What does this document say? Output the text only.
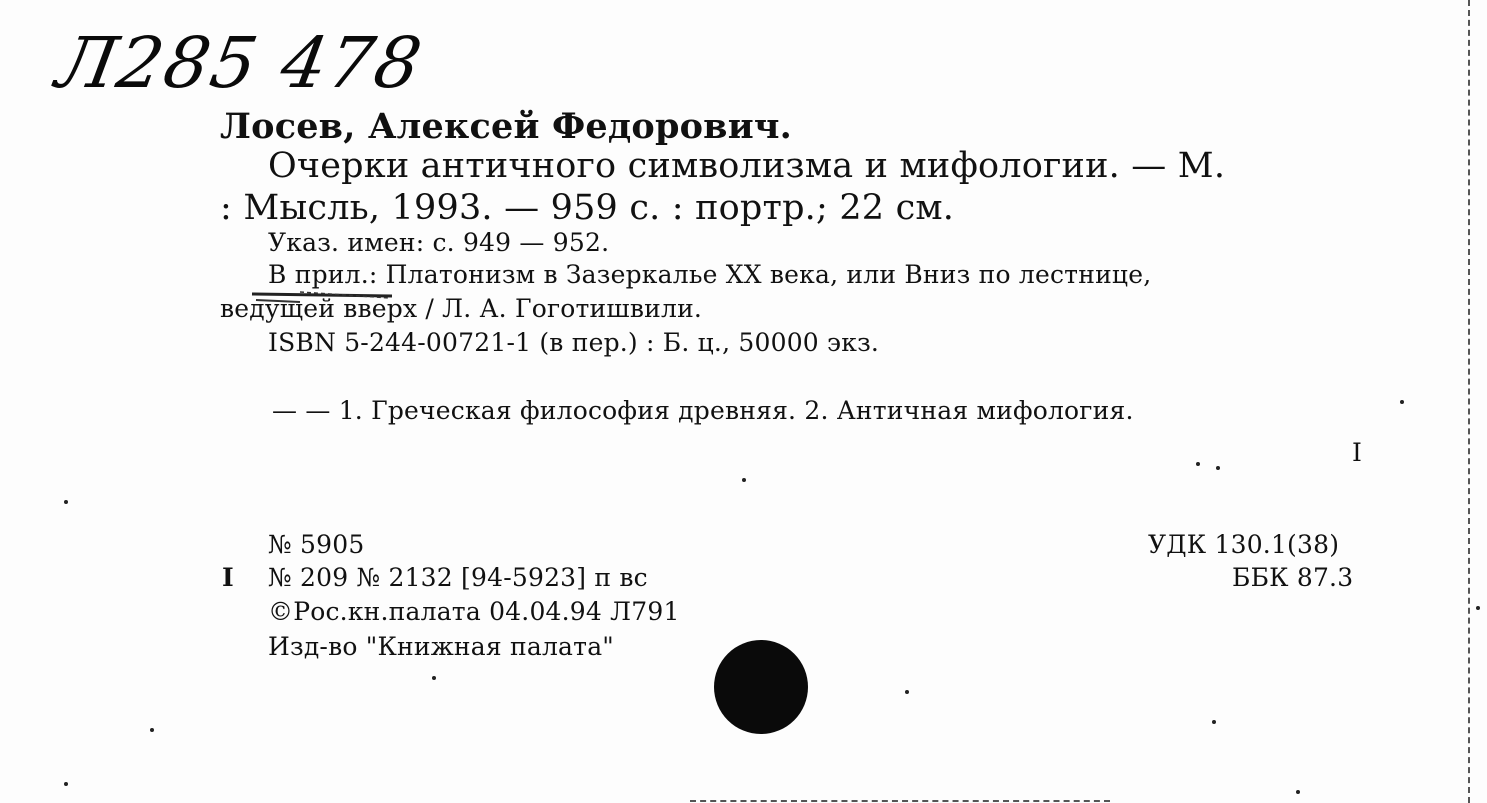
Л285 478
Лосев, Алексей Федорович.
Очерки античного символизма и мифологии. — М.
: Мысль, 1993. — 959 с. : портр.; 22 см.
Указ. имен: с. 949 — 952.
В прил.: Платонизм в Зазеркалье XX века, или Вниз по лестнице,
ведущей вверх / Л. А. Гоготишвили.
ISBN 5-244-00721-1 (в пер.) : Б. ц., 50000 экз.
— — 1. Греческая философия древняя. 2. Античная мифология.
I
№ 5905
I № 209 № 2132 [94-5923] п вс
©Рос.кн.палата 04.04.94 Л791
Изд-во "Книжная палата"
УДК 130.1(38)
ББК 87.3
